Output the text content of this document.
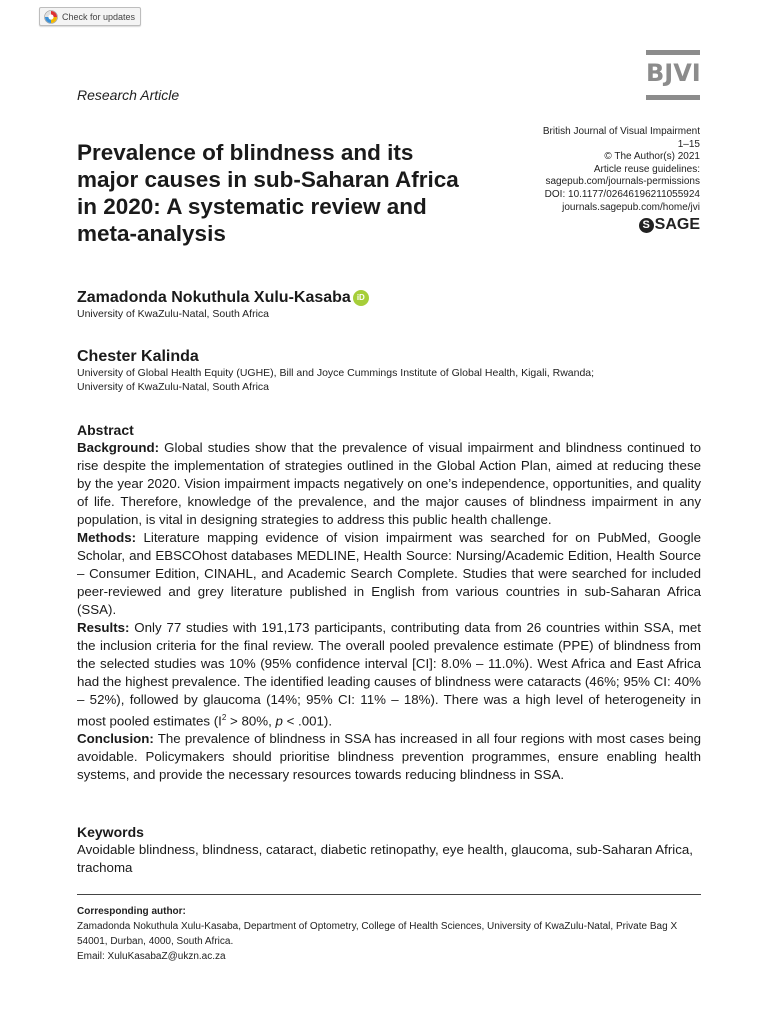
Check for updates
BJVI
Research Article
Prevalence of blindness and its major causes in sub-Saharan Africa in 2020: A systematic review and meta-analysis
British Journal of Visual Impairment
1–15
© The Author(s) 2021
Article reuse guidelines:
sagepub.com/journals-permissions
DOI: 10.1177/02646196211055924
journals.sagepub.com/home/jvi
S SAGE
Zamadonda Nokuthula Xulu-Kasaba iD
University of KwaZulu-Natal, South Africa
Chester Kalinda
University of Global Health Equity (UGHE), Bill and Joyce Cummings Institute of Global Health, Kigali, Rwanda;
University of KwaZulu-Natal, South Africa
Abstract

Background: Global studies show that the prevalence of visual impairment and blindness continued to rise despite the implementation of strategies outlined in the Global Action Plan, aimed at reducing these by the year 2020. Vision impairment impacts negatively on one’s independence, opportunities, and quality of life. Therefore, knowledge of the prevalence, and the major causes of blindness impairment in any population, is vital in designing strategies to address this public health challenge.

Methods: Literature mapping evidence of vision impairment was searched for on PubMed, Google Scholar, and EBSCOhost databases MEDLINE, Health Source: Nursing/Academic Edition, Health Source – Consumer Edition, CINAHL, and Academic Search Complete. Studies that were searched for included peer-reviewed and grey literature published in English from various countries in sub-Saharan Africa (SSA).

Results: Only 77 studies with 191,173 participants, contributing data from 26 countries within SSA, met the inclusion criteria for the final review. The overall pooled prevalence estimate (PPE) of blindness from the selected studies was 10% (95% confidence interval [CI]: 8.0% – 11.0%). West Africa and East Africa had the highest prevalence. The identified leading causes of blindness were cataracts (46%; 95% CI: 40% – 52%), followed by glaucoma (14%; 95% CI: 11% – 18%). There was a high level of heterogeneity in most pooled estimates ($I^2 > 80\%$, p < .001).

Conclusion: The prevalence of blindness in SSA has increased in all four regions with most cases being avoidable. Policymakers should prioritise blindness prevention programmes, ensure enabling health systems, and provide the necessary resources towards reducing blindness in SSA.

Keywords

Avoidable blindness, blindness, cataract, diabetic retinopathy, eye health, glaucoma, sub-Saharan Africa, trachoma

Corresponding author:
Zamadonda Nokuthula Xulu-Kasaba, Department of Optometry, College of Health Sciences, University of KwaZulu-Natal, Private Bag X 54001, Durban, 4000, South Africa.
Email: XuluKasabaZ@ukzn.ac.za
